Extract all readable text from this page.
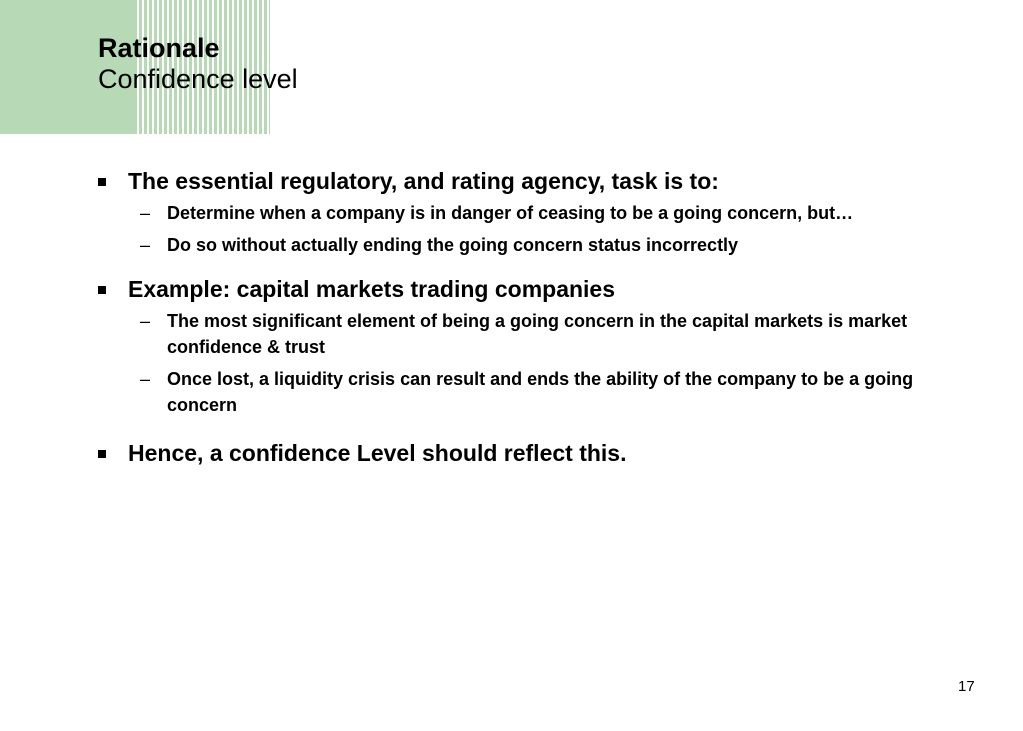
Rationale
Confidence level
The essential regulatory, and rating agency, task is to:
– Determine when a company is in danger of ceasing to be a going concern, but…
– Do so without actually ending the going concern status incorrectly
Example: capital markets trading companies
– The most significant element of being a going concern in the capital markets is market confidence & trust
– Once lost, a liquidity crisis can result and ends the ability of the company to be a going concern
Hence, a confidence Level should reflect this.
17
